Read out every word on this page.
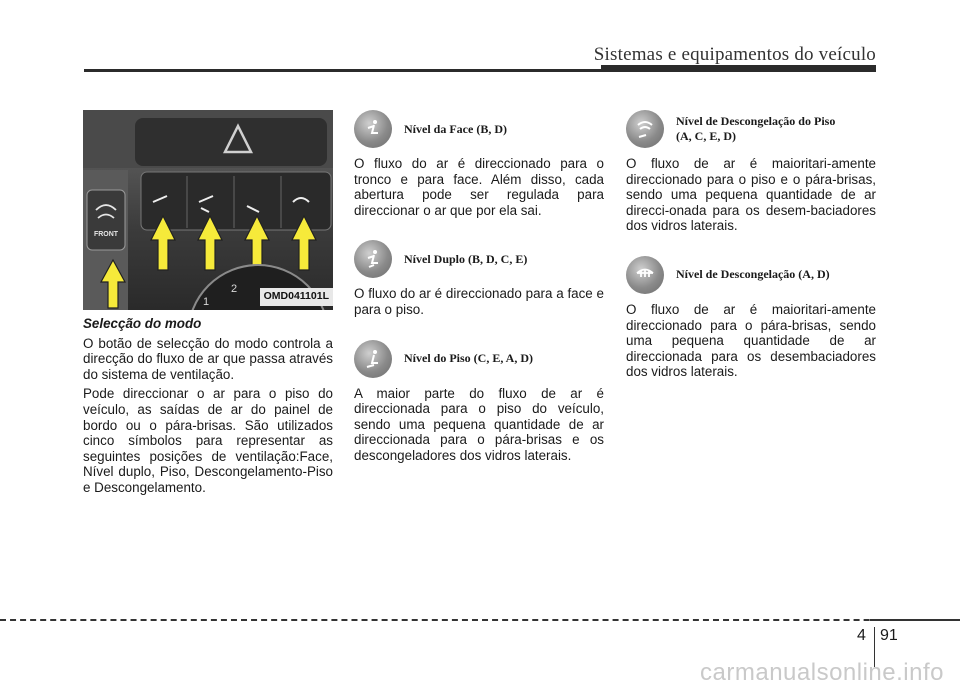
Sistemas e equipamentos do veículo
FRONT
1
2
OMD041101L
Selecção do modo

O botão de selecção do modo controla a direcção do fluxo de ar que passa através do sistema de ventilação.

Pode direccionar o ar para o piso do veículo, as saídas de ar do painel de bordo ou o pára-brisas. São utilizados cinco símbolos para representar as seguintes posições de ventilação:Face, Nível duplo, Piso, Descongelamento-Piso e Descongelamento.

Nível da Face (B, D)

O fluxo do ar é direccionado para o tronco e para face. Além disso, cada abertura pode ser regulada para direccionar o ar que por ela sai.

Nível Duplo (B, D, C, E)

O fluxo do ar é direccionado para a face e para o piso.

Nível do Piso (C, E, A, D)

A maior parte do fluxo de ar é direccionada para o piso do veículo, sendo uma pequena quantidade de ar direccionada para o pára-brisas e os descongeladores dos vidros laterais.

Nível de Descongelação do Piso
(A, C, E, D)

O fluxo de ar é maioritari-amente direccionado para o piso e o pára-brisas, sendo uma pequena quantidade de ar direcci-onada para os desem-baciadores dos vidros laterais.

Nível de Descongelação (A, D)

O fluxo de ar é maioritari-amente direccionado para o pára-brisas, sendo uma pequena quantidade de ar direccionada para os desembaciadores dos vidros laterais.

4 91
carmanualsonline.info
